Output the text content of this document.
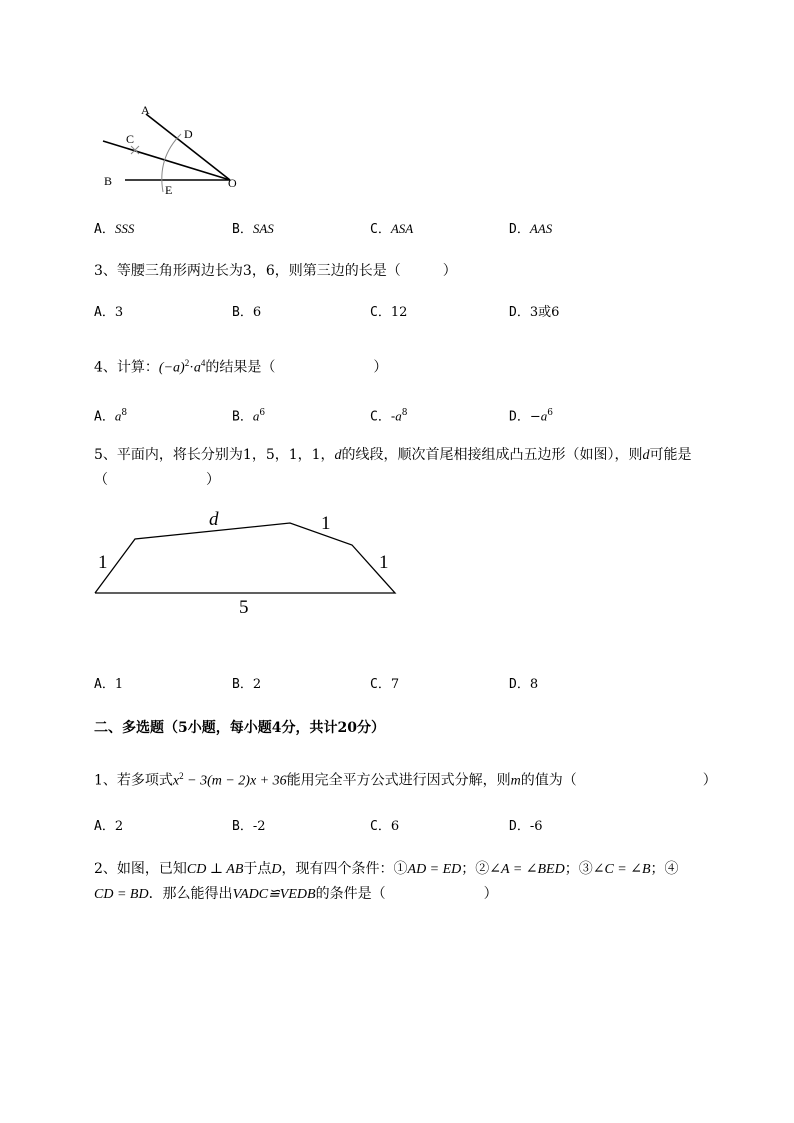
A
C	D
B
E	O
A．SSS	B．SAS	C．ASA	D．AAS
3、等腰三角形两边长为3，6，则第三边的长是（　　　）
A．3	B．6	C．12	D．3或6
4、计算：$(-a)^2\cdot a^4$的结果是（　　　　　　　）
A．$a^8$	B．$a^6$	C．$-a^8$	D．$-a^6$
5、平面内，将长分别为1，5，1，1，d的线段，顺次首尾相接组成凸五边形（如图），则d可能是
（　　　　　　　）
d	1
1	1
5
A．1	B．2	C．7	D．8
二、多选题（5小题，每小题4分，共计20分）
1、若多项式$x^2 - 3(m - 2)x + 36$能用完全平方公式进行因式分解，则m的值为（　　　　　　　　　）
A．2	B．-2	C．6	D．-6
2、如图，已知CD ⊥ AB于点D，现有四个条件：①AD = ED；②∠A = ∠BED；③∠C = ∠B；④
CD = BD．那么能得出VADC≌VEDB的条件是（　　　　　　　）
